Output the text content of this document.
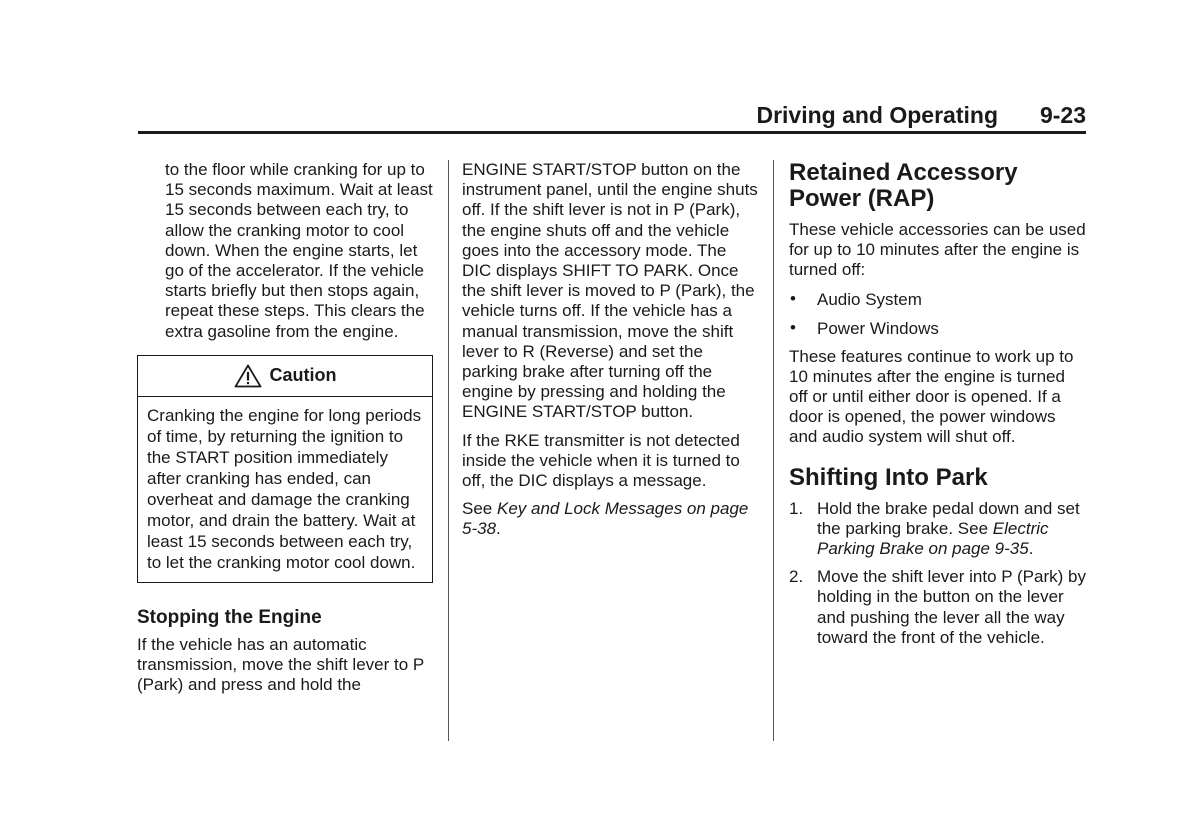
Driving and Operating 9-23

to the floor while cranking for up to 15 seconds maximum. Wait at least 15 seconds between each try, to allow the cranking motor to cool down. When the engine starts, let go of the accelerator. If the vehicle starts briefly but then stops again, repeat these steps. This clears the extra gasoline from the engine.

Caution
Cranking the engine for long periods of time, by returning the ignition to the START position immediately after cranking has ended, can overheat and damage the cranking motor, and drain the battery. Wait at least 15 seconds between each try, to let the cranking motor cool down.
Stopping the Engine

If the vehicle has an automatic transmission, move the shift lever to P (Park) and press and hold the

ENGINE START/STOP button on the instrument panel, until the engine shuts off. If the shift lever is not in P (Park), the engine shuts off and the vehicle goes into the accessory mode. The DIC displays SHIFT TO PARK. Once the shift lever is moved to P (Park), the vehicle turns off. If the vehicle has a manual transmission, move the shift lever to R (Reverse) and set the parking brake after turning off the engine by pressing and holding the ENGINE START/STOP button.

If the RKE transmitter is not detected inside the vehicle when it is turned to off, the DIC displays a message.

See Key and Lock Messages on page 5-38.

Retained Accessory Power (RAP)

These vehicle accessories can be used for up to 10 minutes after the engine is turned off:

• Audio System
• Power Windows

These features continue to work up to 10 minutes after the engine is turned off or until either door is opened. If a door is opened, the power windows and audio system will shut off.

Shifting Into Park
1. Hold the brake pedal down and set the parking brake. See Electric Parking Brake on page 9-35.
2. Move the shift lever into P (Park) by holding in the button on the lever and pushing the lever all the way toward the front of the vehicle.
